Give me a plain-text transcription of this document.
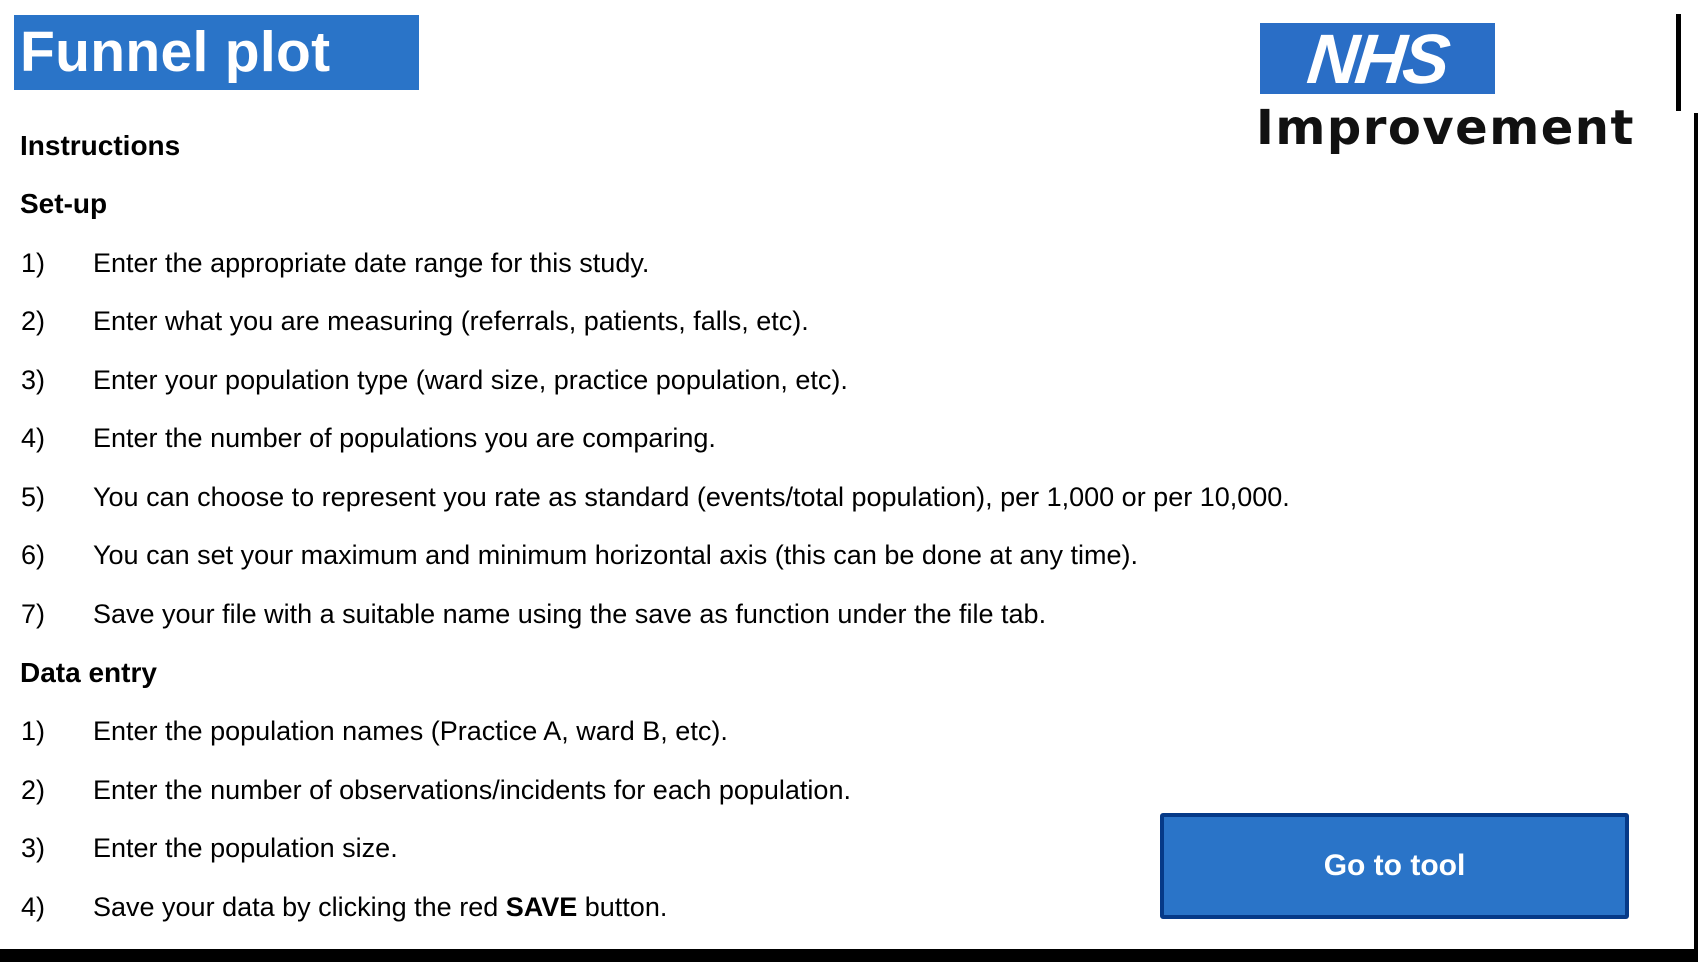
Funnel plot	NHS
Improvement
Instructions
Set-up
1) Enter the appropriate date range for this study.
2) Enter what you are measuring (referrals, patients, falls, etc).
3) Enter your population type (ward size, practice population, etc).
4) Enter the number of populations you are comparing.
5) You can choose to represent you rate as standard (events/total population), per 1,000 or per 10,000.
6) You can set your maximum and minimum horizontal axis (this can be done at any time).
7) Save your file with a suitable name using the save as function under the file tab.
Data entry
1) Enter the population names (Practice A, ward B, etc).
2) Enter the number of observations/incidents for each population.
3) Enter the population size.
4) Save your data by clicking the red SAVE button.
Go to tool
